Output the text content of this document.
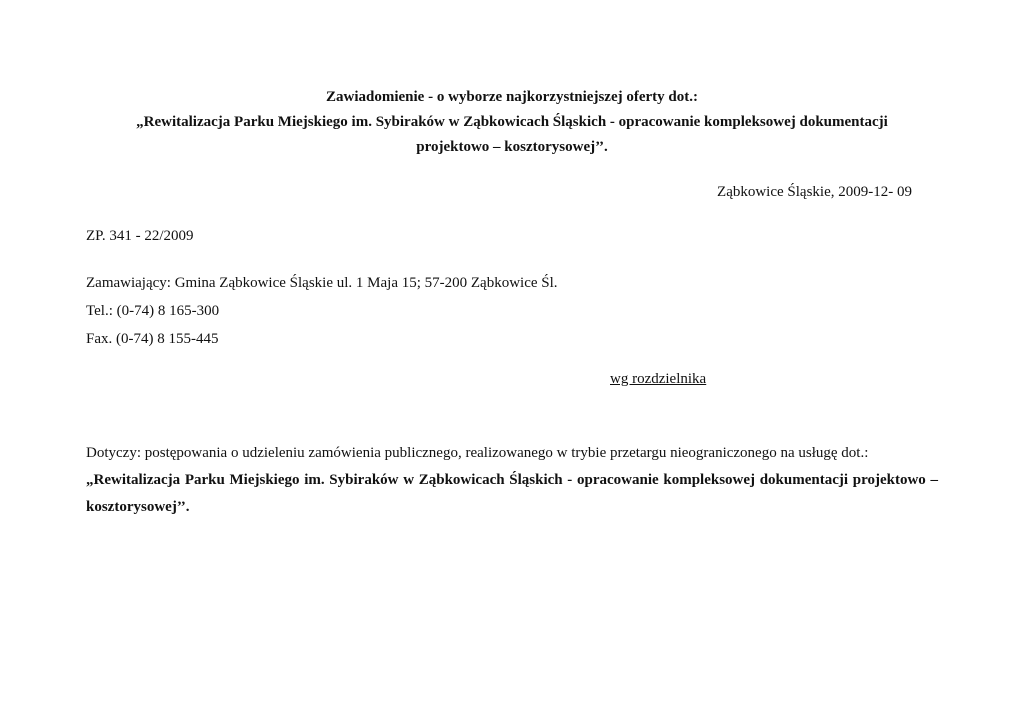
Zawiadomienie - o wyborze najkorzystniejszej oferty dot.:
„Rewitalizacja Parku Miejskiego im. Sybiraków w Ząbkowicach Śląskich - opracowanie kompleksowej dokumentacji
projektowo – kosztorysowej’’.
Ząbkowice Śląskie, 2009-12- 09
ZP. 341 - 22/2009
Zamawiający: Gmina Ząbkowice Śląskie ul. 1 Maja 15; 57-200 Ząbkowice Śl.
Tel.: (0-74) 8 165-300
Fax. (0-74) 8 155-445
wg rozdzielnika
Dotyczy: postępowania o udzieleniu zamówienia publicznego, realizowanego w trybie przetargu nieograniczonego na usługę dot.:
„Rewitalizacja Parku Miejskiego im. Sybiraków w Ząbkowicach Śląskich - opracowanie kompleksowej dokumentacji projektowo – kosztorysowej’’.
